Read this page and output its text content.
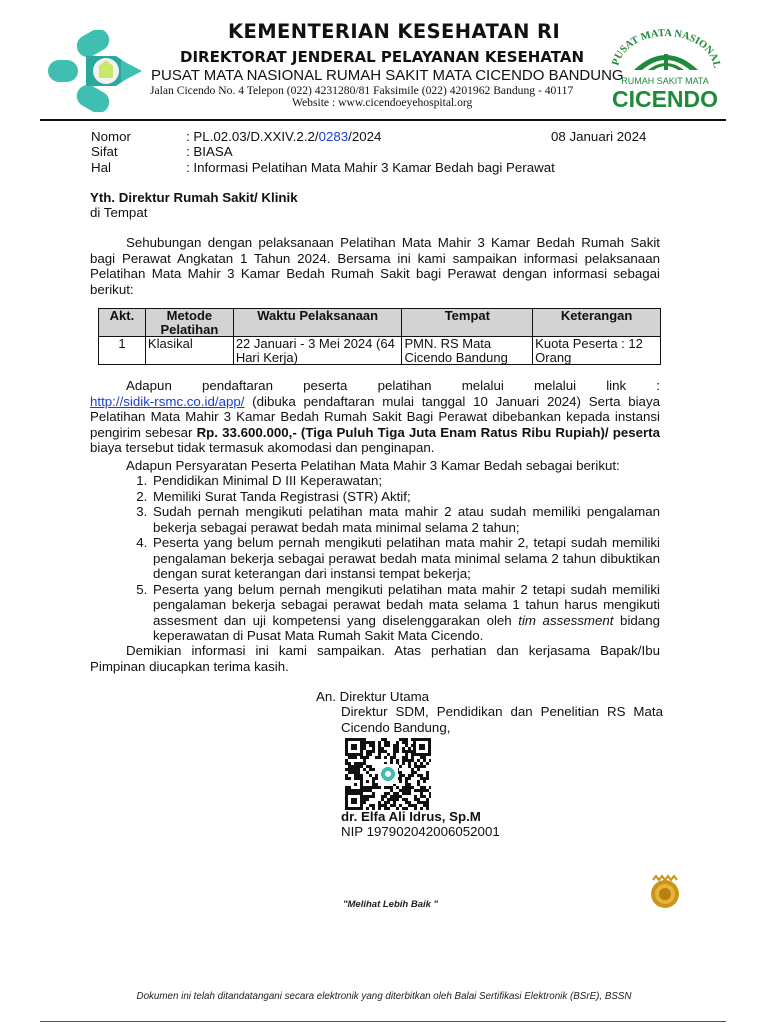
KEMENTERIAN KESEHATAN RI
DIREKTORAT JENDERAL PELAYANAN KESEHATAN
PUSAT MATA NASIONAL RUMAH SAKIT MATA CICENDO BANDUNG
Jalan Cicendo No. 4 Telepon (022) 4231280/81 Faksimile (022) 4201962 Bandung - 40117
Website : www.cicendoeyehospital.org
PUSAT MATA NASIONAL
RUMAH SAKIT MATA
CICENDO
Nomor	: PL.02.03/D.XXIV.2.2/0283/2024	08 Januari 2024
Sifat	: BIASA
Hal	: Informasi Pelatihan Mata Mahir 3 Kamar Bedah bagi Perawat
Yth. Direktur Rumah Sakit/ Klinik
di Tempat
Sehubungan dengan pelaksanaan Pelatihan Mata Mahir 3 Kamar Bedah Rumah Sakit bagi Perawat Angkatan 1 Tahun 2024. Bersama ini kami sampaikan informasi pelaksanaan Pelatihan Mata Mahir 3 Kamar Bedah Rumah Sakit bagi Perawat dengan informasi sebagai berikut:
Akt.	Metode Pelatihan	Waktu Pelaksanaan	Tempat	Keterangan
1	Klasikal	22 Januari - 3 Mei 2024 (64 Hari Kerja)	PMN. RS Mata Cicendo Bandung	Kuota Peserta : 12 Orang
Adapun pendaftaran peserta pelatihan melalui melalui link :
http://sidik-rsmc.co.id/app/ (dibuka pendaftaran mulai tanggal 10 Januari 2024) Serta biaya Pelatihan Mata Mahir 3 Kamar Bedah Rumah Sakit Bagi Perawat dibebankan kepada instansi pengirim sebesar Rp. 33.600.000,- (Tiga Puluh Tiga Juta Enam Ratus Ribu Rupiah)/ peserta biaya tersebut tidak termasuk akomodasi dan penginapan.
Adapun Persyaratan Peserta Pelatihan Mata Mahir 3 Kamar Bedah sebagai berikut:
1. Pendidikan Minimal D III Keperawatan;
2. Memiliki Surat Tanda Registrasi (STR) Aktif;
3. Sudah pernah mengikuti pelatihan mata mahir 2 atau sudah memiliki pengalaman bekerja sebagai perawat bedah mata minimal selama 2 tahun;
4. Peserta yang belum pernah mengikuti pelatihan mata mahir 2, tetapi sudah memiliki pengalaman bekerja sebagai perawat bedah mata minimal selama 2 tahun dibuktikan dengan surat keterangan dari instansi tempat bekerja;
5. Peserta yang belum pernah mengikuti pelatihan mata mahir 2 tetapi sudah memiliki pengalaman bekerja sebagai perawat bedah mata selama 1 tahun harus mengikuti assesment dan uji kompetensi yang diselenggarakan oleh tim assessment bidang keperawatan di Pusat Mata Rumah Sakit Mata Cicendo.
Demikian informasi ini kami sampaikan. Atas perhatian dan kerjasama Bapak/Ibu Pimpinan diucapkan terima kasih.
An. Direktur Utama
Direktur SDM, Pendidikan dan Penelitian RS Mata Cicendo Bandung,
dr. Elfa Ali Idrus, Sp.M
NIP 197902042006052001
"Melihat Lebih Baik "
Dokumen ini telah ditandatangani secara elektronik yang diterbitkan oleh Balai Sertifikasi Elektronik (BSrE), BSSN
